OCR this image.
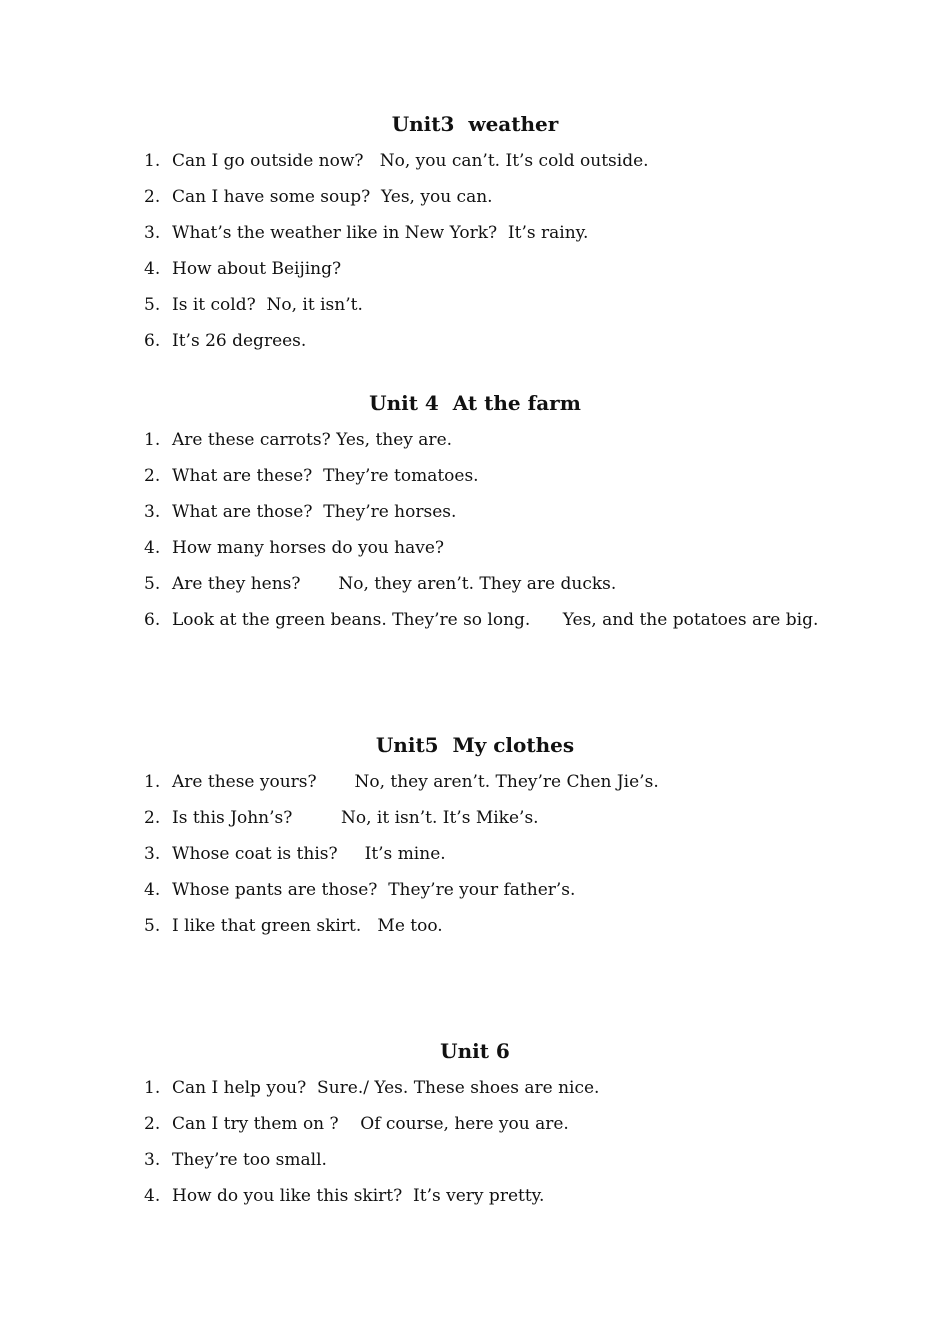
Unit3  weather
1. Can I go outside now?   No, you can’t. It’s cold outside.
2. Can I have some soup?  Yes, you can.
3. What’s the weather like in New York?  It’s rainy.
4. How about Beijing?
5. Is it cold?  No, it isn’t.
6. It’s 26 degrees.
Unit 4  At the farm
1. Are these carrots? Yes, they are.
2. What are these?  They’re tomatoes.
3. What are those?  They’re horses.
4. How many horses do you have?
5. Are they hens?       No, they aren’t. They are ducks.
6. Look at the green beans. They’re so long.      Yes, and the potatoes are big.
Unit5  My clothes
1. Are these yours?       No, they aren’t. They’re Chen Jie’s.
2. Is this John’s?         No, it isn’t. It’s Mike’s.
3. Whose coat is this?     It’s mine.
4. Whose pants are those?  They’re your father’s.
5. I like that green skirt.   Me too.
Unit 6
1. Can I help you?  Sure./ Yes. These shoes are nice.
2. Can I try them on ?    Of course, here you are.
3. They’re too small.
4. How do you like this skirt?  It’s very pretty.
